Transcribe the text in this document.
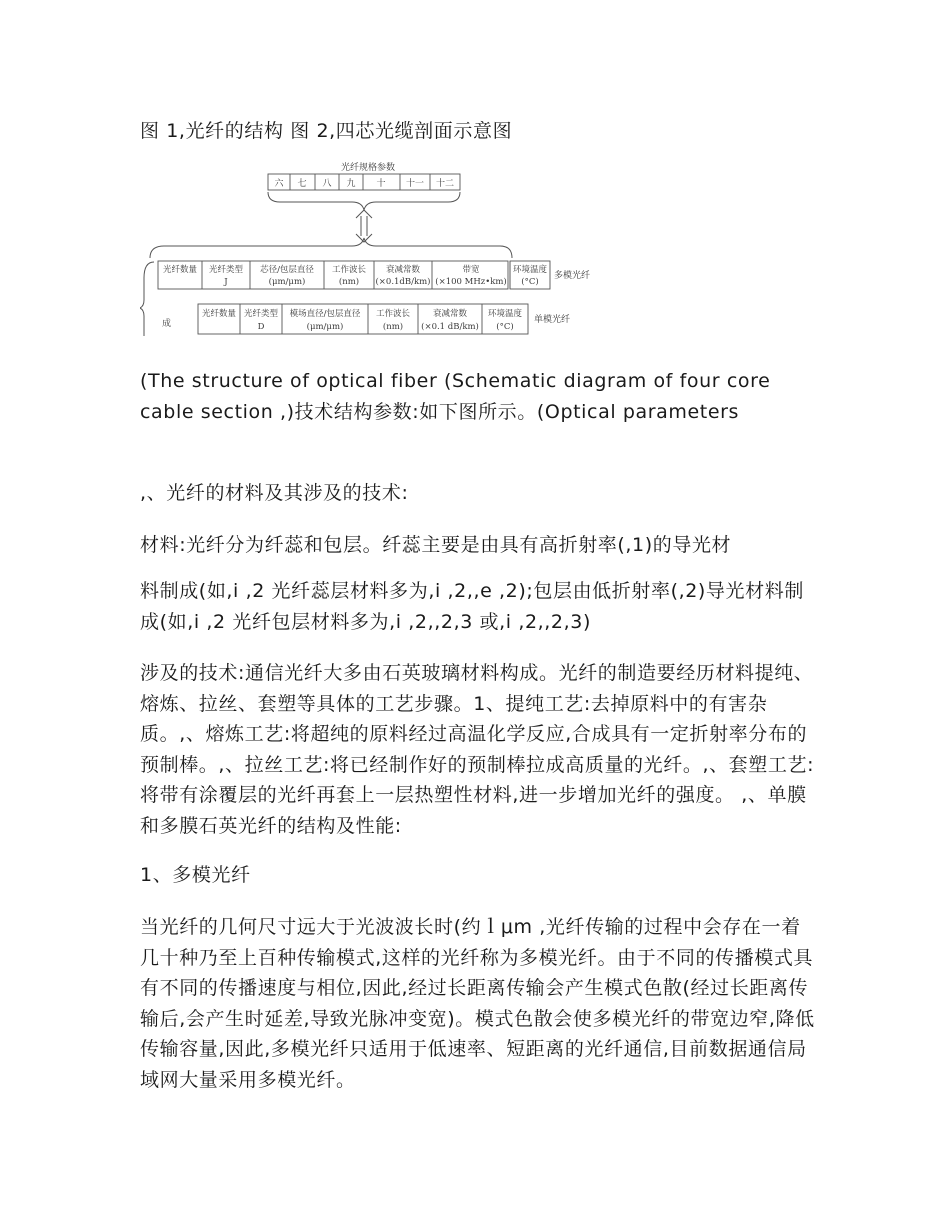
图 1,光纤的结构 图 2,四芯光缆剖面示意图

光纤规格参数
六 七 八 九 十 十一 十二
成
光纤数量 光纤类型
J
芯径/包层直径
(μm/μm)
工作波长
(nm)
衰减常数
(×0.1dB/km)
带宽
(×100 MHz•km)
环境温度
(°C)
多模光纤
光纤数量 光纤类型
D
模场直径/包层直径
(μm/μm)
工作波长
(nm)
衰减常数
(×0.1 dB/km)
环境温度
(°C)
单模光纤

(The structure of optical fiber (Schematic diagram of four core cable section ,)技术结构参数:如下图所示。(Optical parameters

,、光纤的材料及其涉及的技术:

材料:光纤分为纤蕊和包层。纤蕊主要是由具有高折射率(,1)的导光材

料制成(如,i ,2 光纤蕊层材料多为,i ,2,,e ,2);包层由低折射率(,2)导光材料制成(如,i ,2 光纤包层材料多为,i ,2,,2,3 或,i ,2,,2,3)

涉及的技术:通信光纤大多由石英玻璃材料构成。光纤的制造要经历材料提纯、熔炼、拉丝、套塑等具体的工艺步骤。1、提纯工艺:去掉原料中的有害杂质。,、熔炼工艺:将超纯的原料经过高温化学反应,合成具有一定折射率分布的预制棒。,、拉丝工艺:将已经制作好的预制棒拉成高质量的光纤。,、套塑工艺:将带有涂覆层的光纤再套上一层热塑性材料,进一步增加光纤的强度。 ,、单膜和多膜石英光纤的结构及性能:

1、多模光纤

当光纤的几何尺寸远大于光波波长时(约ｌμm ,光纤传输的过程中会存在一着几十种乃至上百种传输模式,这样的光纤称为多模光纤。由于不同的传播模式具有不同的传播速度与相位,因此,经过长距离传输会产生模式色散(经过长距离传输后,会产生时延差,导致光脉冲变宽)。模式色散会使多模光纤的带宽边窄,降低传输容量,因此,多模光纤只适用于低速率、短距离的光纤通信,目前数据通信局域网大量采用多模光纤。
